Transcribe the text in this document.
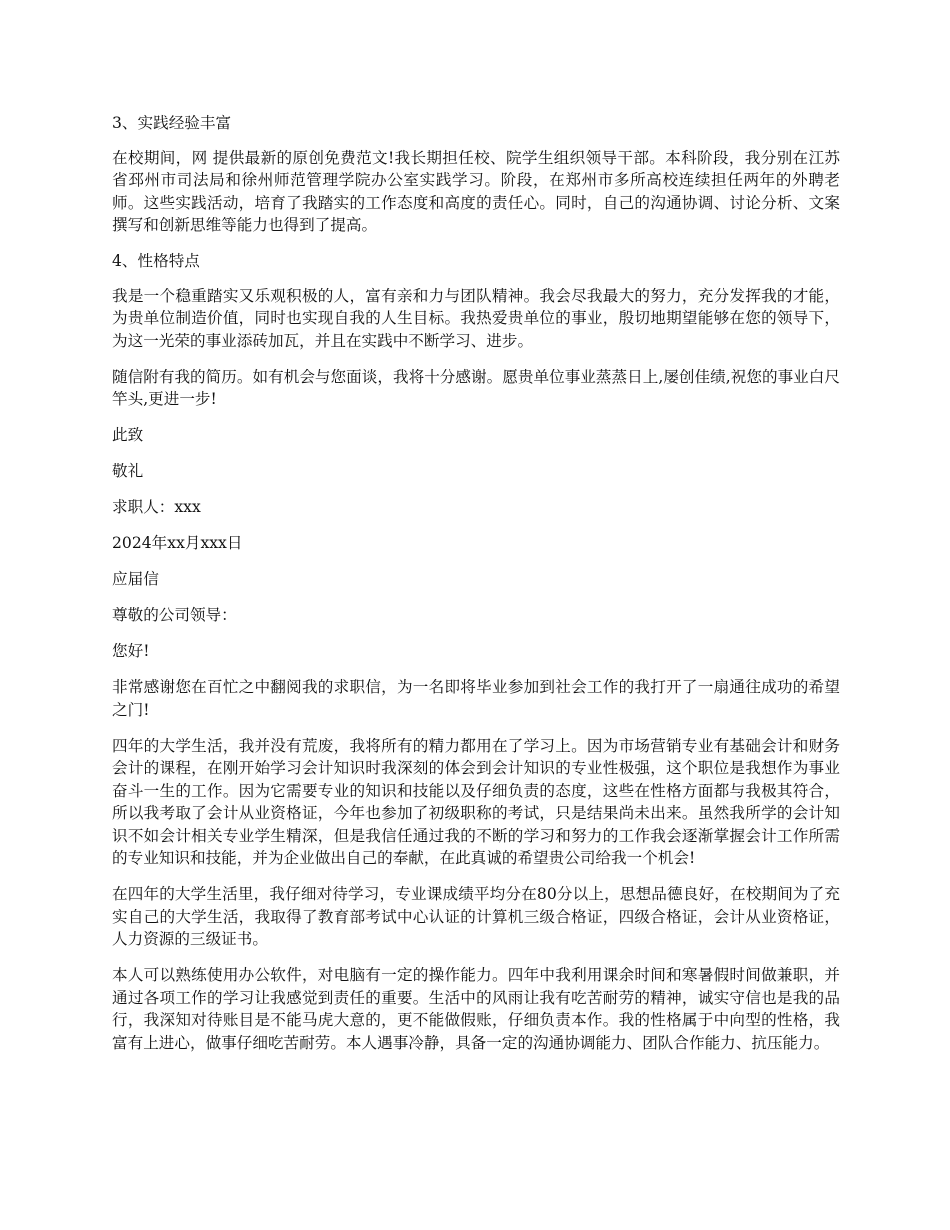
3、实践经验丰富

在校期间，网 提供最新的原创免费范文!我长期担任校、院学生组织领导干部。本科阶段，我分别在江苏省邳州市司法局和徐州师范管理学院办公室实践学习。阶段，在郑州市多所高校连续担任两年的外聘老师。这些实践活动，培育了我踏实的工作态度和高度的责任心。同时，自己的沟通协调、讨论分析、文案撰写和创新思维等能力也得到了提高。

4、性格特点

我是一个稳重踏实又乐观积极的人，富有亲和力与团队精神。我会尽我最大的努力，充分发挥我的才能，为贵单位制造价值，同时也实现自我的人生目标。我热爱贵单位的事业，殷切地期望能够在您的领导下，为这一光荣的事业添砖加瓦，并且在实践中不断学习、进步。

随信附有我的简历。如有机会与您面谈，我将十分感谢。愿贵单位事业蒸蒸日上,屡创佳绩,祝您的事业白尺竿头,更进一步!

此致

敬礼

求职人：xxx

2024年xx月xxx日

应届信

尊敬的公司领导：

您好!

非常感谢您在百忙之中翻阅我的求职信，为一名即将毕业参加到社会工作的我打开了一扇通往成功的希望之门!

四年的大学生活，我并没有荒废，我将所有的精力都用在了学习上。因为市场营销专业有基础会计和财务会计的课程，在刚开始学习会计知识时我深刻的体会到会计知识的专业性极强，这个职位是我想作为事业奋斗一生的工作。因为它需要专业的知识和技能以及仔细负责的态度，这些在性格方面都与我极其符合，所以我考取了会计从业资格证，今年也参加了初级职称的考试，只是结果尚未出来。虽然我所学的会计知识不如会计相关专业学生精深，但是我信任通过我的不断的学习和努力的工作我会逐渐掌握会计工作所需的专业知识和技能，并为企业做出自己的奉献，在此真诚的希望贵公司给我一个机会!

在四年的大学生活里，我仔细对待学习，专业课成绩平均分在80分以上，思想品德良好，在校期间为了充实自己的大学生活，我取得了教育部考试中心认证的计算机三级合格证，四级合格证，会计从业资格证，人力资源的三级证书。

本人可以熟练使用办公软件，对电脑有一定的操作能力。四年中我利用课余时间和寒暑假时间做兼职，并通过各项工作的学习让我感觉到责任的重要。生活中的风雨让我有吃苦耐劳的精神，诚实守信也是我的品行，我深知对待账目是不能马虎大意的，更不能做假账，仔细负责本作。我的性格属于中向型的性格，我富有上进心，做事仔细吃苦耐劳。本人遇事冷静，具备一定的沟通协调能力、团队合作能力、抗压能力。
